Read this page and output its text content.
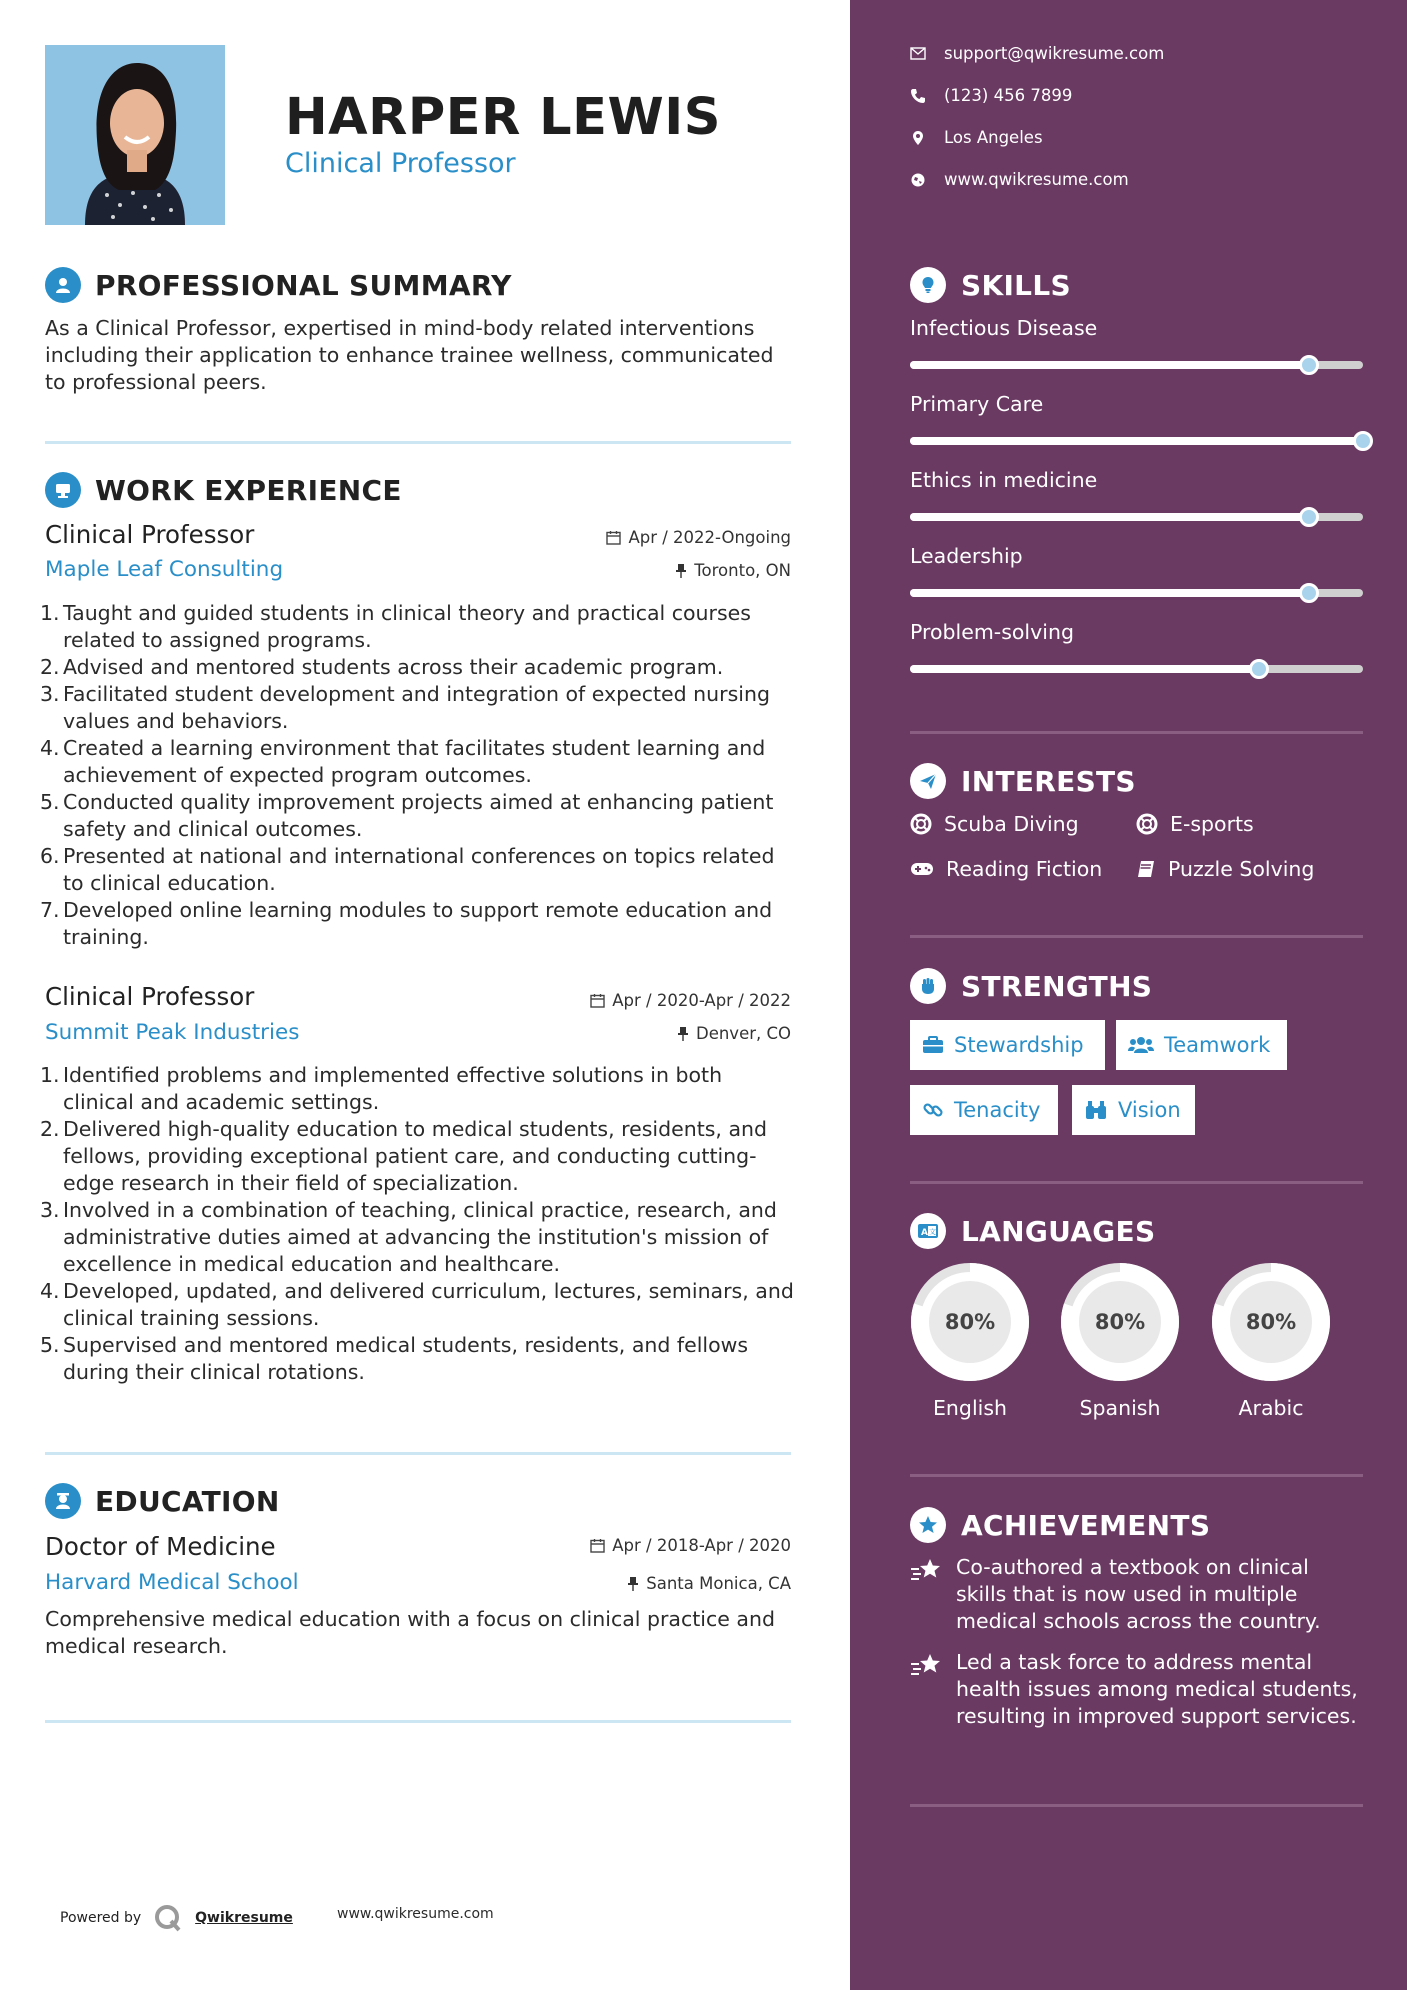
HARPER LEWIS
Clinical Professor
PROFESSIONAL SUMMARY
As a Clinical Professor, expertised in mind-body related interventions including their application to enhance trainee wellness, communicated to professional peers.
WORK EXPERIENCE
Clinical Professor	Apr / 2022-Ongoing
Maple Leaf Consulting	Toronto, ON
Taught and guided students in clinical theory and practical courses related to assigned programs.
Advised and mentored students across their academic program.
Facilitated student development and integration of expected nursing values and behaviors.
Created a learning environment that facilitates student learning and achievement of expected program outcomes.
Conducted quality improvement projects aimed at enhancing patient safety and clinical outcomes.
Presented at national and international conferences on topics related to clinical education.
Developed online learning modules to support remote education and training.
Clinical Professor	Apr / 2020-Apr / 2022
Summit Peak Industries	Denver, CO
Identified problems and implemented effective solutions in both clinical and academic settings.
Delivered high-quality education to medical students, residents, and fellows, providing exceptional patient care, and conducting cutting-edge research in their field of specialization.
Involved in a combination of teaching, clinical practice, research, and administrative duties aimed at advancing the institution's mission of excellence in medical education and healthcare.
Developed, updated, and delivered curriculum, lectures, seminars, and clinical training sessions.
Supervised and mentored medical students, residents, and fellows during their clinical rotations.
EDUCATION
Doctor of Medicine	Apr / 2018-Apr / 2020
Harvard Medical School	Santa Monica, CA
Comprehensive medical education with a focus on clinical practice and medical research.
Powered by	Qwikresume
support@qwikresume.com
(123) 456 7899
Los Angeles
www.qwikresume.com
SKILLS
Infectious Disease
Primary Care
Ethics in medicine
Leadership
Problem-solving
INTERESTS
Scuba Diving	E-sports
Reading Fiction	Puzzle Solving
STRENGTHS
Stewardship	Teamwork
Tenacity	Vision
A 文 LANGUAGES
80%
English
80%
Spanish
80%
Arabic
ACHIEVEMENTS
Co-authored a textbook on clinical skills that is now used in multiple medical schools across the country.
Led a task force to address mental health issues among medical students, resulting in improved support services.
www.qwikresume.com
